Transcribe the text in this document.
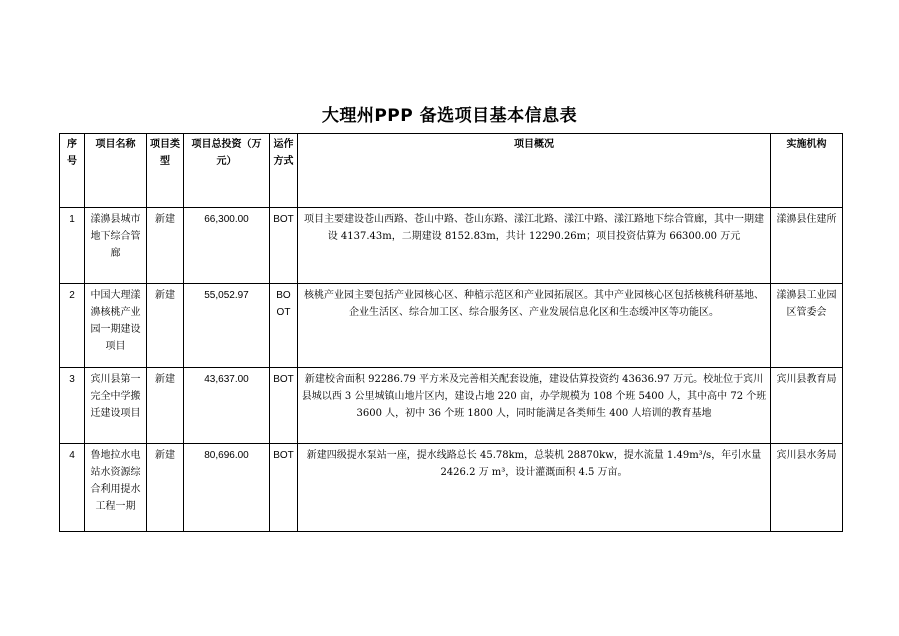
大理州PPP 备选项目基本信息表
序号	项目名称	项目类型	项目总投资（万元）	运作方式	项目概况	实施机构
1	漾濞县城市地下综合管廊	新建	66,300.00	BOT	项目主要建设苍山西路、苍山中路、苍山东路、漾江北路、漾江中路、漾江路地下综合管廊，其中一期建设 4137.43m，二期建设 8152.83m，共计 12290.26m；项目投资估算为 66300.00 万元	漾濞县住建所
2	中国大理漾濞核桃产业园一期建设项目	新建	55,052.97	BOOT	核桃产业园主要包括产业园核心区、种植示范区和产业园拓展区。其中产业园核心区包括核桃科研基地、企业生活区、综合加工区、综合服务区、产业发展信息化区和生态缓冲区等功能区。	漾濞县工业园区管委会
3	宾川县第一完全中学搬迁建设项目	新建	43,637.00	BOT	新建校舍面积 92286.79 平方米及完善相关配套设施，建设估算投资约 43636.97 万元。校址位于宾川县城以西 3 公里城镇山地片区内，建设占地 220 亩，办学规模为 108 个班 5400 人，其中高中 72 个班 3600 人，初中 36 个班 1800 人，同时能满足各类师生 400 人培训的教育基地	宾川县教育局
4	鲁地拉水电站水资源综合利用提水工程一期	新建	80,696.00	BOT	新建四级提水泵站一座，提水线路总长 45.78km，总装机 28870kw，提水流量 1.49m³/s，年引水量 2426.2 万 m³，设计灌溉面积 4.5 万亩。	宾川县水务局
